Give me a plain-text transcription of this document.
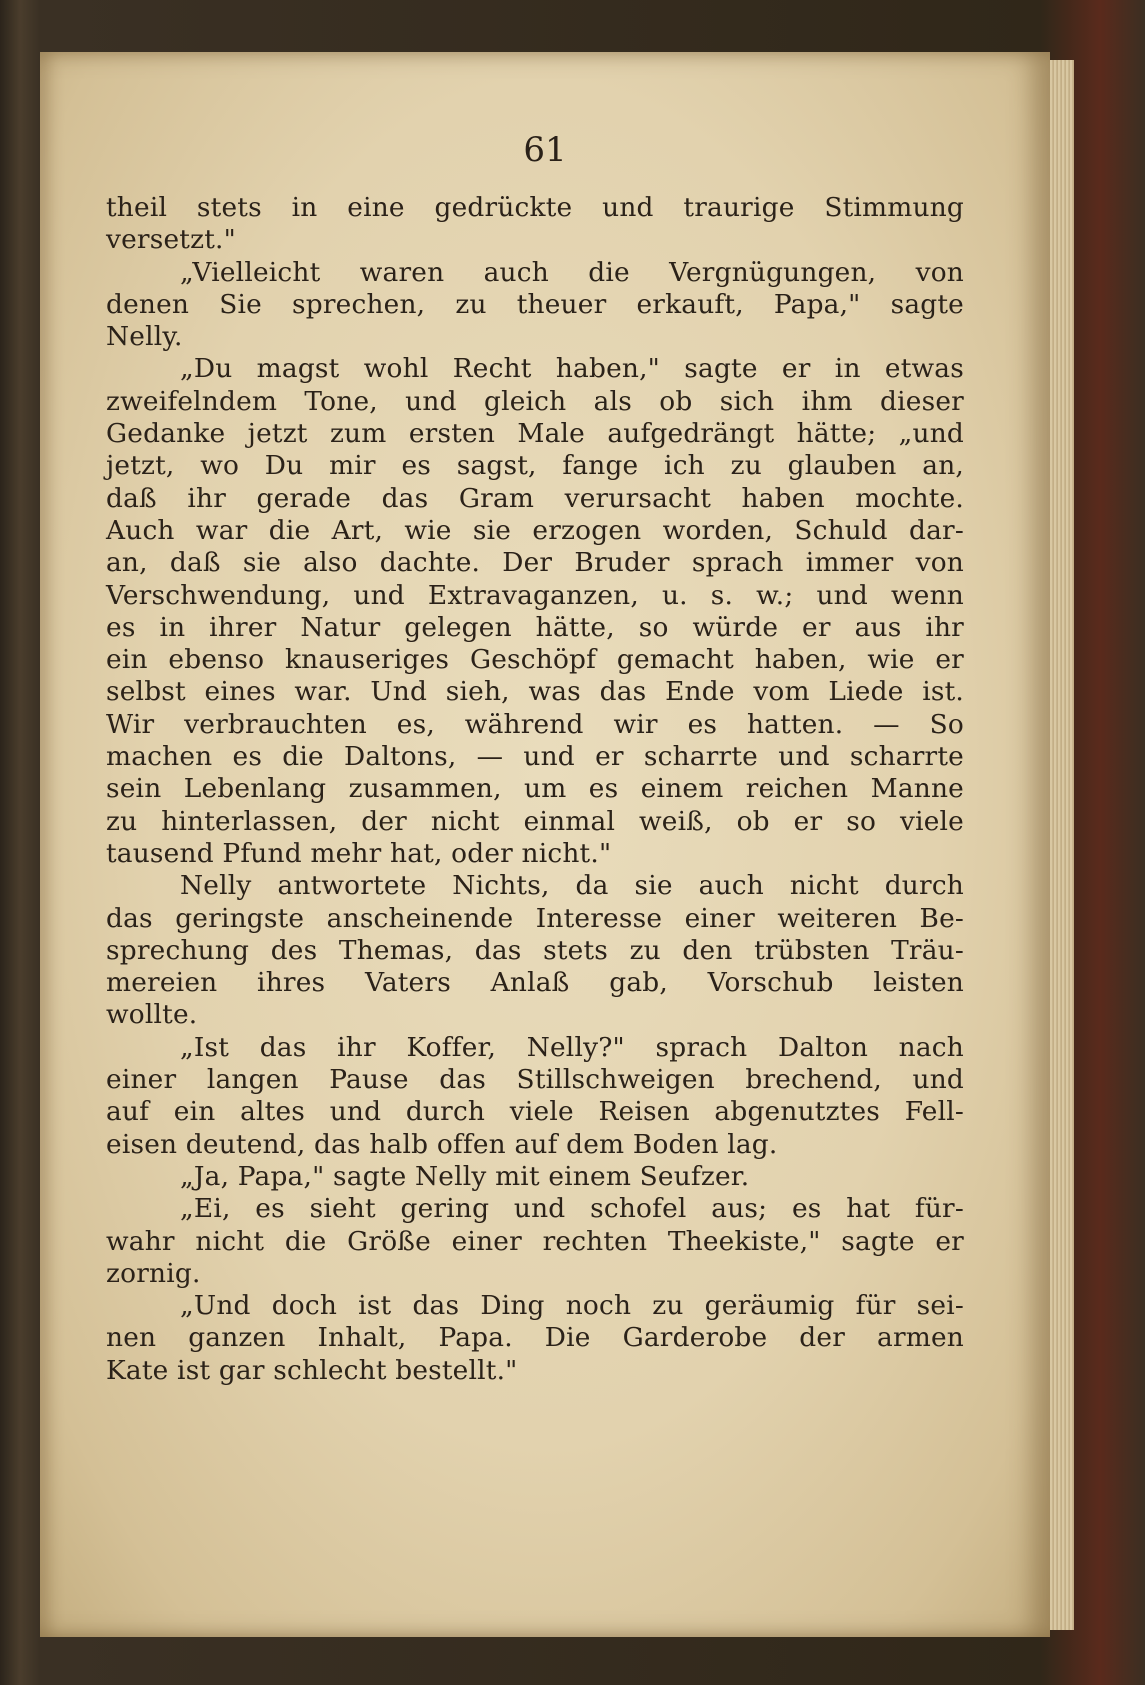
61
theil stets in eine gedrückte und traurige Stimmung
versetzt."
„Vielleicht waren auch die Vergnügungen, von
denen Sie sprechen, zu theuer erkauft, Papa," sagte
Nelly.
„Du magst wohl Recht haben," sagte er in etwas
zweifelndem Tone, und gleich als ob sich ihm dieser
Gedanke jetzt zum ersten Male aufgedrängt hätte; „und
jetzt, wo Du mir es sagst, fange ich zu glauben an,
daß ihr gerade das Gram verursacht haben mochte.
Auch war die Art, wie sie erzogen worden, Schuld dar-
an, daß sie also dachte. Der Bruder sprach immer von
Verschwendung, und Extravaganzen, u. s. w.; und wenn
es in ihrer Natur gelegen hätte, so würde er aus ihr
ein ebenso knauseriges Geschöpf gemacht haben, wie er
selbst eines war. Und sieh, was das Ende vom Liede ist.
Wir verbrauchten es, während wir es hatten. — So
machen es die Daltons, — und er scharrte und scharrte
sein Lebenlang zusammen, um es einem reichen Manne
zu hinterlassen, der nicht einmal weiß, ob er so viele
tausend Pfund mehr hat, oder nicht."
Nelly antwortete Nichts, da sie auch nicht durch
das geringste anscheinende Interesse einer weiteren Be-
sprechung des Themas, das stets zu den trübsten Träu-
mereien ihres Vaters Anlaß gab, Vorschub leisten
wollte.
„Ist das ihr Koffer, Nelly?" sprach Dalton nach
einer langen Pause das Stillschweigen brechend, und
auf ein altes und durch viele Reisen abgenutztes Fell-
eisen deutend, das halb offen auf dem Boden lag.
„Ja, Papa," sagte Nelly mit einem Seufzer.
„Ei, es sieht gering und schofel aus; es hat für-
wahr nicht die Größe einer rechten Theekiste," sagte er
zornig.
„Und doch ist das Ding noch zu geräumig für sei-
nen ganzen Inhalt, Papa. Die Garderobe der armen
Kate ist gar schlecht bestellt."
